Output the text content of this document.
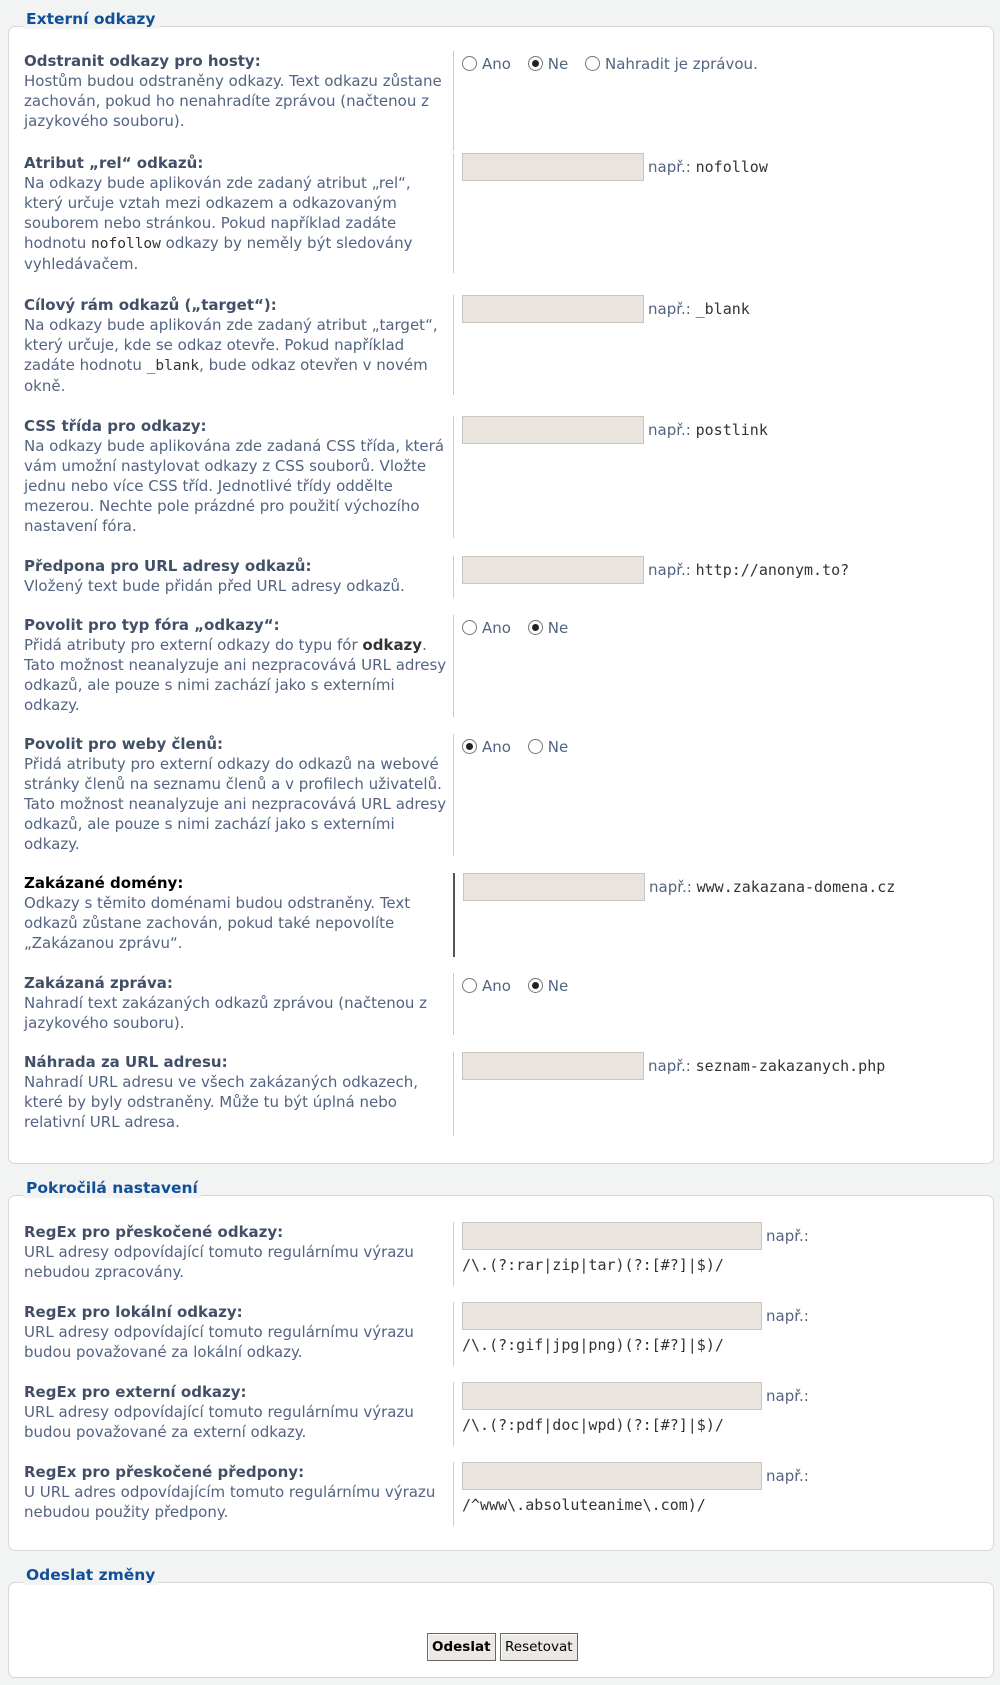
Externí odkazy
Odstranit odkazy pro hosty:
Hostům budou odstraněny odkazy. Text odkazu zůstane zachován, pokud ho nenahradíte zprávou (načtenou z jazykového souboru).
Ano Ne Nahradit je zprávou.
Atribut „rel“ odkazů:
Na odkazy bude aplikován zde zadaný atribut „rel“, který určuje vztah mezi odkazem a odkazovaným souborem nebo stránkou. Pokud například zadáte hodnotu nofollow odkazy by neměly být sledovány vyhledávačem.
např.: nofollow
Cílový rám odkazů („target“):
Na odkazy bude aplikován zde zadaný atribut „target“, který určuje, kde se odkaz otevře. Pokud například zadáte hodnotu _blank, bude odkaz otevřen v novém okně.
např.: _blank
CSS třída pro odkazy:
Na odkazy bude aplikována zde zadaná CSS třída, která vám umožní nastylovat odkazy z CSS souborů. Vložte jednu nebo více CSS tříd. Jednotlivé třídy oddělte mezerou. Nechte pole prázdné pro použití výchozího nastavení fóra.
např.: postlink
Předpona pro URL adresy odkazů:
Vložený text bude přidán před URL adresy odkazů.
např.: http://anonym.to?
Povolit pro typ fóra „odkazy“:
Přidá atributy pro externí odkazy do typu fór odkazy. Tato možnost neanalyzuje ani nezpracovává URL adresy odkazů, ale pouze s nimi zachází jako s externími odkazy.
Ano Ne
Povolit pro weby členů:
Přidá atributy pro externí odkazy do odkazů na webové stránky členů na seznamu členů a v profilech uživatelů. Tato možnost neanalyzuje ani nezpracovává URL adresy odkazů, ale pouze s nimi zachází jako s externími odkazy.
Ano Ne
Zakázané domény:
Odkazy s těmito doménami budou odstraněny. Text odkazů zůstane zachován, pokud také nepovolíte „Zakázanou zprávu“.
např.: www.zakazana-domena.cz
Zakázaná zpráva:
Nahradí text zakázaných odkazů zprávou (načtenou z jazykového souboru).
Ano Ne
Náhrada za URL adresu:
Nahradí URL adresu ve všech zakázaných odkazech, které by byly odstraněny. Může tu být úplná nebo relativní URL adresa.
např.: seznam-zakazanych.php
Pokročilá nastavení
RegEx pro přeskočené odkazy:
URL adresy odpovídající tomuto regulárnímu výrazu nebudou zpracovány.
např.:
/\.(?:rar|zip|tar)(?:[#?]|$)/
RegEx pro lokální odkazy:
URL adresy odpovídající tomuto regulárnímu výrazu budou považované za lokální odkazy.
např.:
/\.(?:gif|jpg|png)(?:[#?]|$)/
RegEx pro externí odkazy:
URL adresy odpovídající tomuto regulárnímu výrazu budou považované za externí odkazy.
např.:
/\.(?:pdf|doc|wpd)(?:[#?]|$)/
RegEx pro přeskočené předpony:
U URL adres odpovídajícím tomuto regulárnímu výrazu nebudou použity předpony.
např.:
/^www\.absoluteanime\.com)/
Odeslat změny
Odeslat	Resetovat
